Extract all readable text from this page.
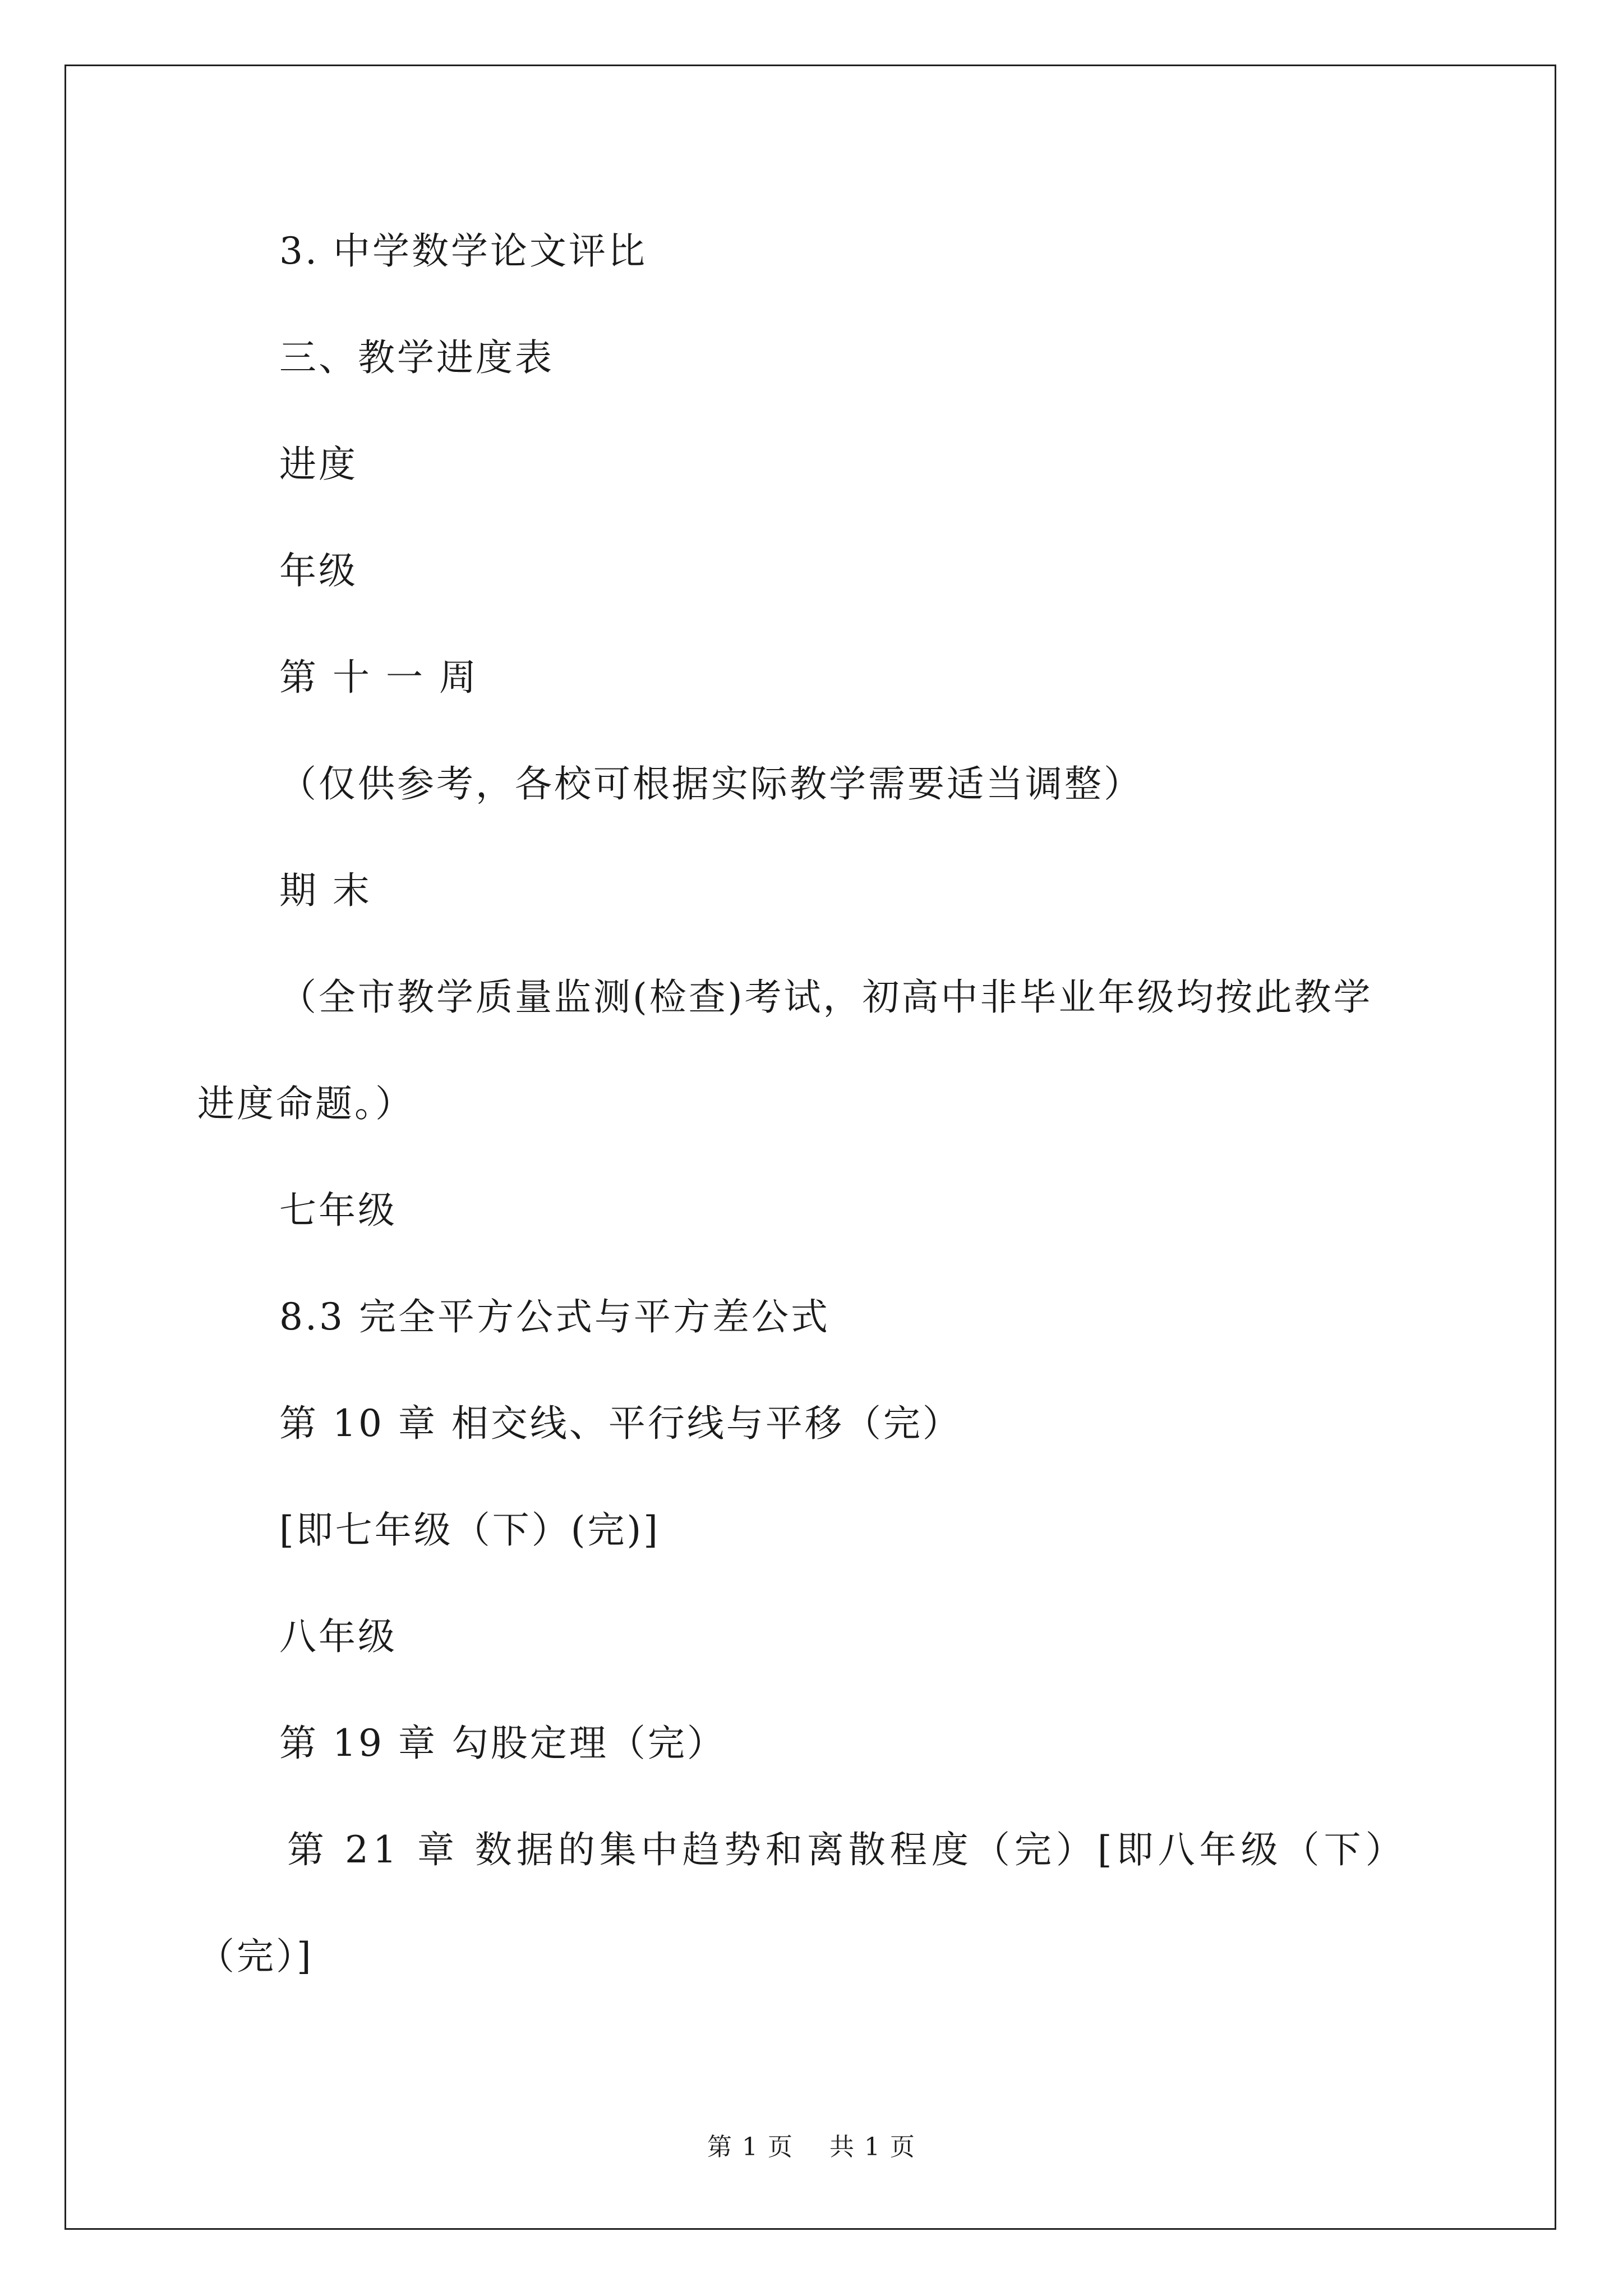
3. 中学数学论文评比

三、教学进度表

进度

年级

第 十 一 周

（仅供参考，各校可根据实际教学需要适当调整）

期 末

（全市教学质量监测(检查)考试，初高中非毕业年级均按此教学

进度命题。）

七年级

8.3 完全平方公式与平方差公式

第 10 章 相交线、平行线与平移（完）

[即七年级（下）(完)]

八年级

第 19 章 勾股定理（完）

第 21 章 数据的集中趋势和离散程度（完）[即八年级（下）

（完）]

第 1 页    共 1 页
